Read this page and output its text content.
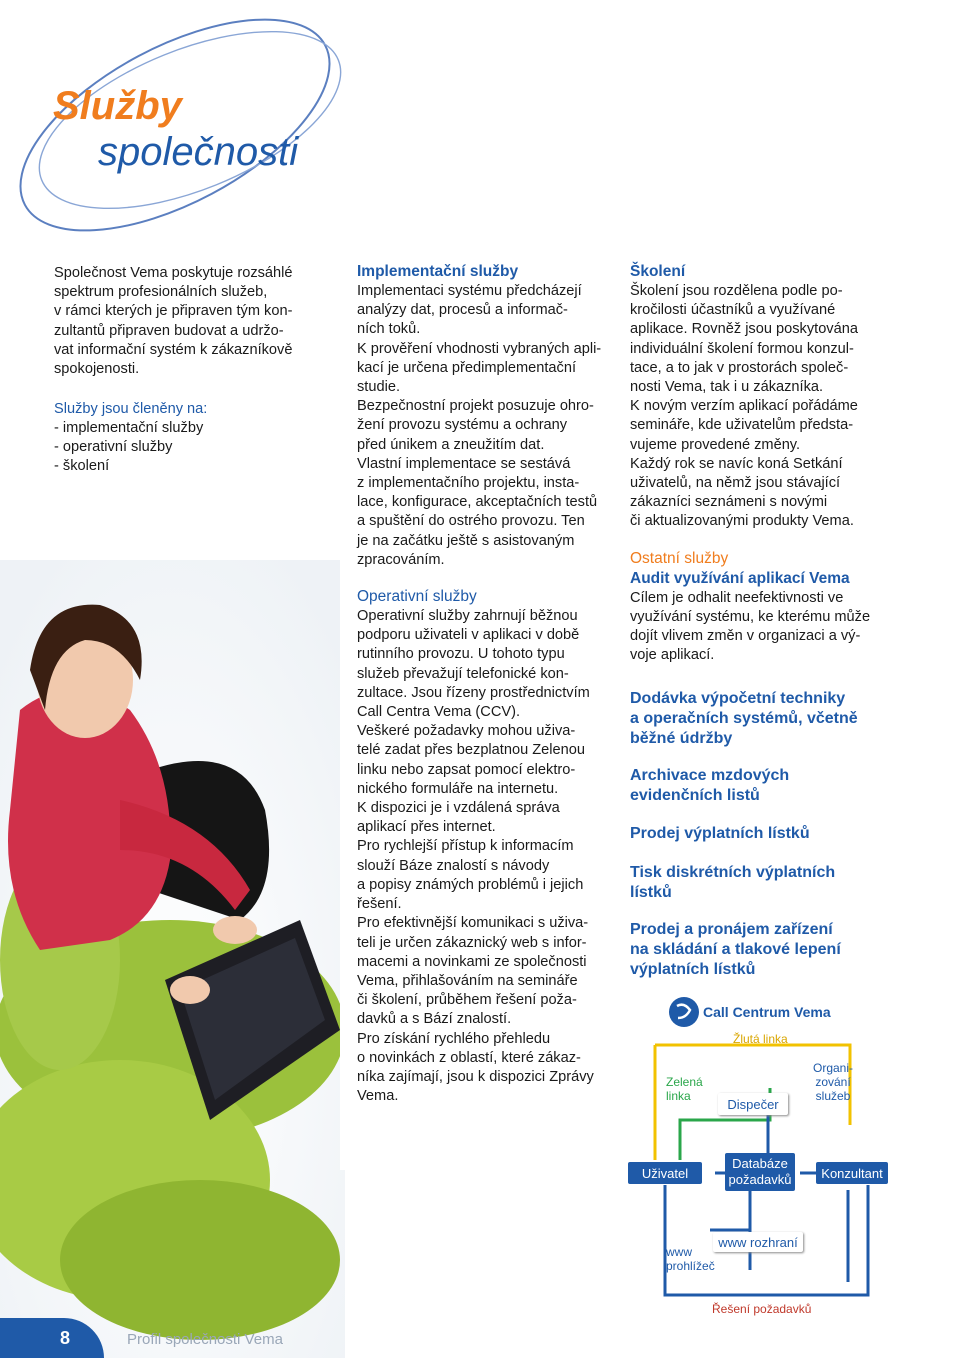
Služby
společnosti
Společnost Vema poskytuje rozsáhlé
spektrum profesionálních služeb,
v rámci kterých je připraven tým kon-
zultantů připraven budovat a udržo-
vat informační systém k zákazníkově
spokojenosti.
Služby jsou členěny na:
- implementační služby
- operativní služby
- školení
Implementační služby
Implementaci systému předcházejí
analýzy dat, procesů a informač-
ních toků.
K prověření vhodnosti vybraných apli-
kací je určena předimplementační
studie.
Bezpečnostní projekt posuzuje ohro-
žení provozu systému a ochrany
před únikem a zneužitím dat.
Vlastní implementace se sestává
z implementačního projektu, insta-
lace, konfigurace, akceptačních testů
a spuštění do ostrého provozu. Ten
je na začátku ještě s asistovaným
zpracováním.
Operativní služby
Operativní služby zahrnují běžnou
podporu uživateli v aplikaci v době
rutinního provozu. U tohoto typu
služeb převažují telefonické kon-
zultace. Jsou řízeny prostřednictvím
Call Centra Vema (CCV).
Veškeré požadavky mohou uživa-
telé zadat přes bezplatnou Zelenou
linku nebo zapsat pomocí elektro-
nického formuláře na internetu.
K dispozici je i vzdálená správa
aplikací přes internet.
Pro rychlejší přístup k informacím
slouží Báze znalostí s návody
a popisy známých problémů i jejich
řešení.
Pro efektivnější komunikaci s uživa-
teli je určen zákaznický web s infor-
macemi a novinkami ze společnosti
Vema, přihlašováním na semináře
či školení, průběhem řešení poža-
davků a s Bází znalostí.
Pro získání rychlého přehledu
o novinkách z oblastí, které zákaz-
níka zajímají, jsou k dispozici Zprávy
Vema.
Školení
Školení jsou rozdělena podle po-
kročilosti účastníků a využívané
aplikace. Rovněž jsou poskytována
individuální školení formou konzul-
tace, a to jak v prostorách společ-
nosti Vema, tak i u zákazníka.
K novým verzím aplikací pořádáme
semináře, kde uživatelům předsta-
vujeme provedené změny.
Každý rok se navíc koná Setkání
uživatelů, na němž jsou stávající
zákazníci seznámeni s novými
či aktualizovanými produkty Vema.
Ostatní služby
Audit využívání aplikací Vema
Cílem je odhalit neefektivnosti ve
využívání systému, ke kterému může
dojít vlivem změn v organizaci a vý-
voje aplikací.
Dodávka výpočetní techniky
a operačních systémů, včetně
běžné údržby
Archivace mzdových
evidenčních listů
Prodej výplatních lístků
Tisk diskrétních výplatních
lístků
Prodej a pronájem zařízení
na skládání a tlakové lepení
výplatních lístků
Call Centrum Vema
Žlutá linka
Zelená
linka
Dispečer
Organi-
zování
služeb
Uživatel
Databáze
požadavků	Konzultant
www
prohlížeč
www rozhraní
Řešení požadavků
8	Profil společnosti Vema
